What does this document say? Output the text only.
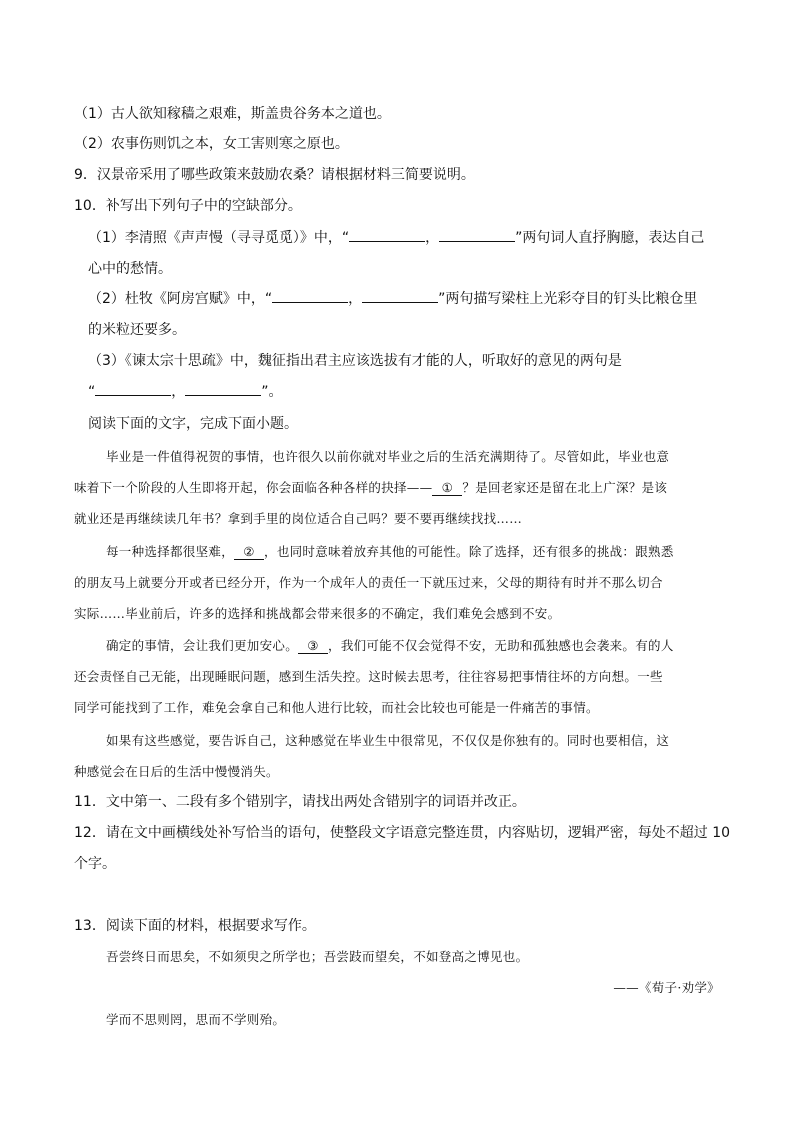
（1）古人欲知稼穑之艰难，斯盖贵谷务本之道也。
（2）农事伤则饥之本，女工害则寒之原也。
9．汉景帝采用了哪些政策来鼓励农桑？请根据材料三简要说明。
10．补写出下列句子中的空缺部分。
（1）李清照《声声慢（寻寻觅觅）》中，“	，	”两句词人直抒胸臆，表达自己
心中的愁情。
（2）杜牧《阿房宫赋》中，“	，	”两句描写梁柱上光彩夺目的钉头比粮仓里
的米粒还要多。
（3）《谏太宗十思疏》中，魏征指出君主应该选拔有才能的人，听取好的意见的两句是
“	，	”。
阅读下面的文字，完成下面小题。
毕业是一件值得祝贺的事情，也许很久以前你就对毕业之后的生活充满期待了。尽管如此，毕业也意
味着下一个阶段的人生即将开起，你会面临各种各样的抉择—— ① ？是回老家还是留在北上广深？是该
就业还是再继续读几年书？拿到手里的岗位适合自己吗？要不要再继续找找……
每一种选择都很坚难， ② ，也同时意味着放弃其他的可能性。除了选择，还有很多的挑战：跟熟悉
的朋友马上就要分开或者已经分开，作为一个成年人的责任一下就压过来，父母的期待有时并不那么切合
实际……毕业前后，许多的选择和挑战都会带来很多的不确定，我们难免会感到不安。
确定的事情，会让我们更加安心。 ③ ，我们可能不仅会觉得不安，无助和孤独感也会袭来。有的人
还会责怪自己无能，出现睡眠问题，感到生活失控。这时候去思考，往往容易把事情往坏的方向想。一些
同学可能找到了工作，难免会拿自己和他人进行比较，而社会比较也可能是一件痛苦的事情。
如果有这些感觉，要告诉自己，这种感觉在毕业生中很常见，不仅仅是你独有的。同时也要相信，这
种感觉会在日后的生活中慢慢消失。
11．文中第一、二段有多个错别字，请找出两处含错别字的词语并改正。
12．请在文中画横线处补写恰当的语句，使整段文字语意完整连贯，内容贴切，逻辑严密，每处不超过 10
个字。
13．阅读下面的材料，根据要求写作。
吾尝终日而思矣，不如须臾之所学也；吾尝跂而望矣，不如登高之博见也。
——《荀子·劝学》
学而不思则罔，思而不学则殆。
